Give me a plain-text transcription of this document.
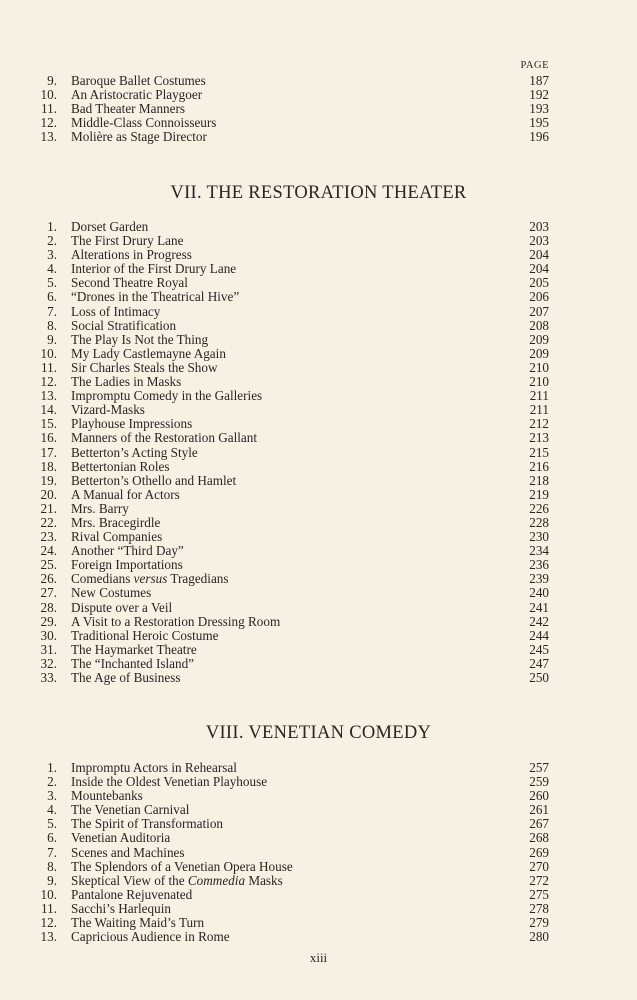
PAGE
9. Baroque Ballet Costumes	187
10. An Aristocratic Playgoer	192
11. Bad Theater Manners	193
12. Middle-Class Connoisseurs	195
13. Molière as Stage Director	196
VII. THE RESTORATION THEATER
1. Dorset Garden	203
2. The First Drury Lane	203
3. Alterations in Progress	204
4. Interior of the First Drury Lane	204
5. Second Theatre Royal	205
6. “Drones in the Theatrical Hive”	206
7. Loss of Intimacy	207
8. Social Stratification	208
9. The Play Is Not the Thing	209
10. My Lady Castlemayne Again	209
11. Sir Charles Steals the Show	210
12. The Ladies in Masks	210
13. Impromptu Comedy in the Galleries	211
14. Vizard-Masks	211
15. Playhouse Impressions	212
16. Manners of the Restoration Gallant	213
17. Betterton’s Acting Style	215
18. Bettertonian Roles	216
19. Betterton’s Othello and Hamlet	218
20. A Manual for Actors	219
21. Mrs. Barry	226
22. Mrs. Bracegirdle	228
23. Rival Companies	230
24. Another “Third Day”	234
25. Foreign Importations	236
26. Comedians versus Tragedians	239
27. New Costumes	240
28. Dispute over a Veil	241
29. A Visit to a Restoration Dressing Room	242
30. Traditional Heroic Costume	244
31. The Haymarket Theatre	245
32. The “Inchanted Island”	247
33. The Age of Business	250
VIII. VENETIAN COMEDY
1. Impromptu Actors in Rehearsal	257
2. Inside the Oldest Venetian Playhouse	259
3. Mountebanks	260
4. The Venetian Carnival	261
5. The Spirit of Transformation	267
6. Venetian Auditoria	268
7. Scenes and Machines	269
8. The Splendors of a Venetian Opera House	270
9. Skeptical View of the Commedia Masks	272
10. Pantalone Rejuvenated	275
11. Sacchi’s Harlequin	278
12. The Waiting Maid’s Turn	279
13. Capricious Audience in Rome	280
xiii
